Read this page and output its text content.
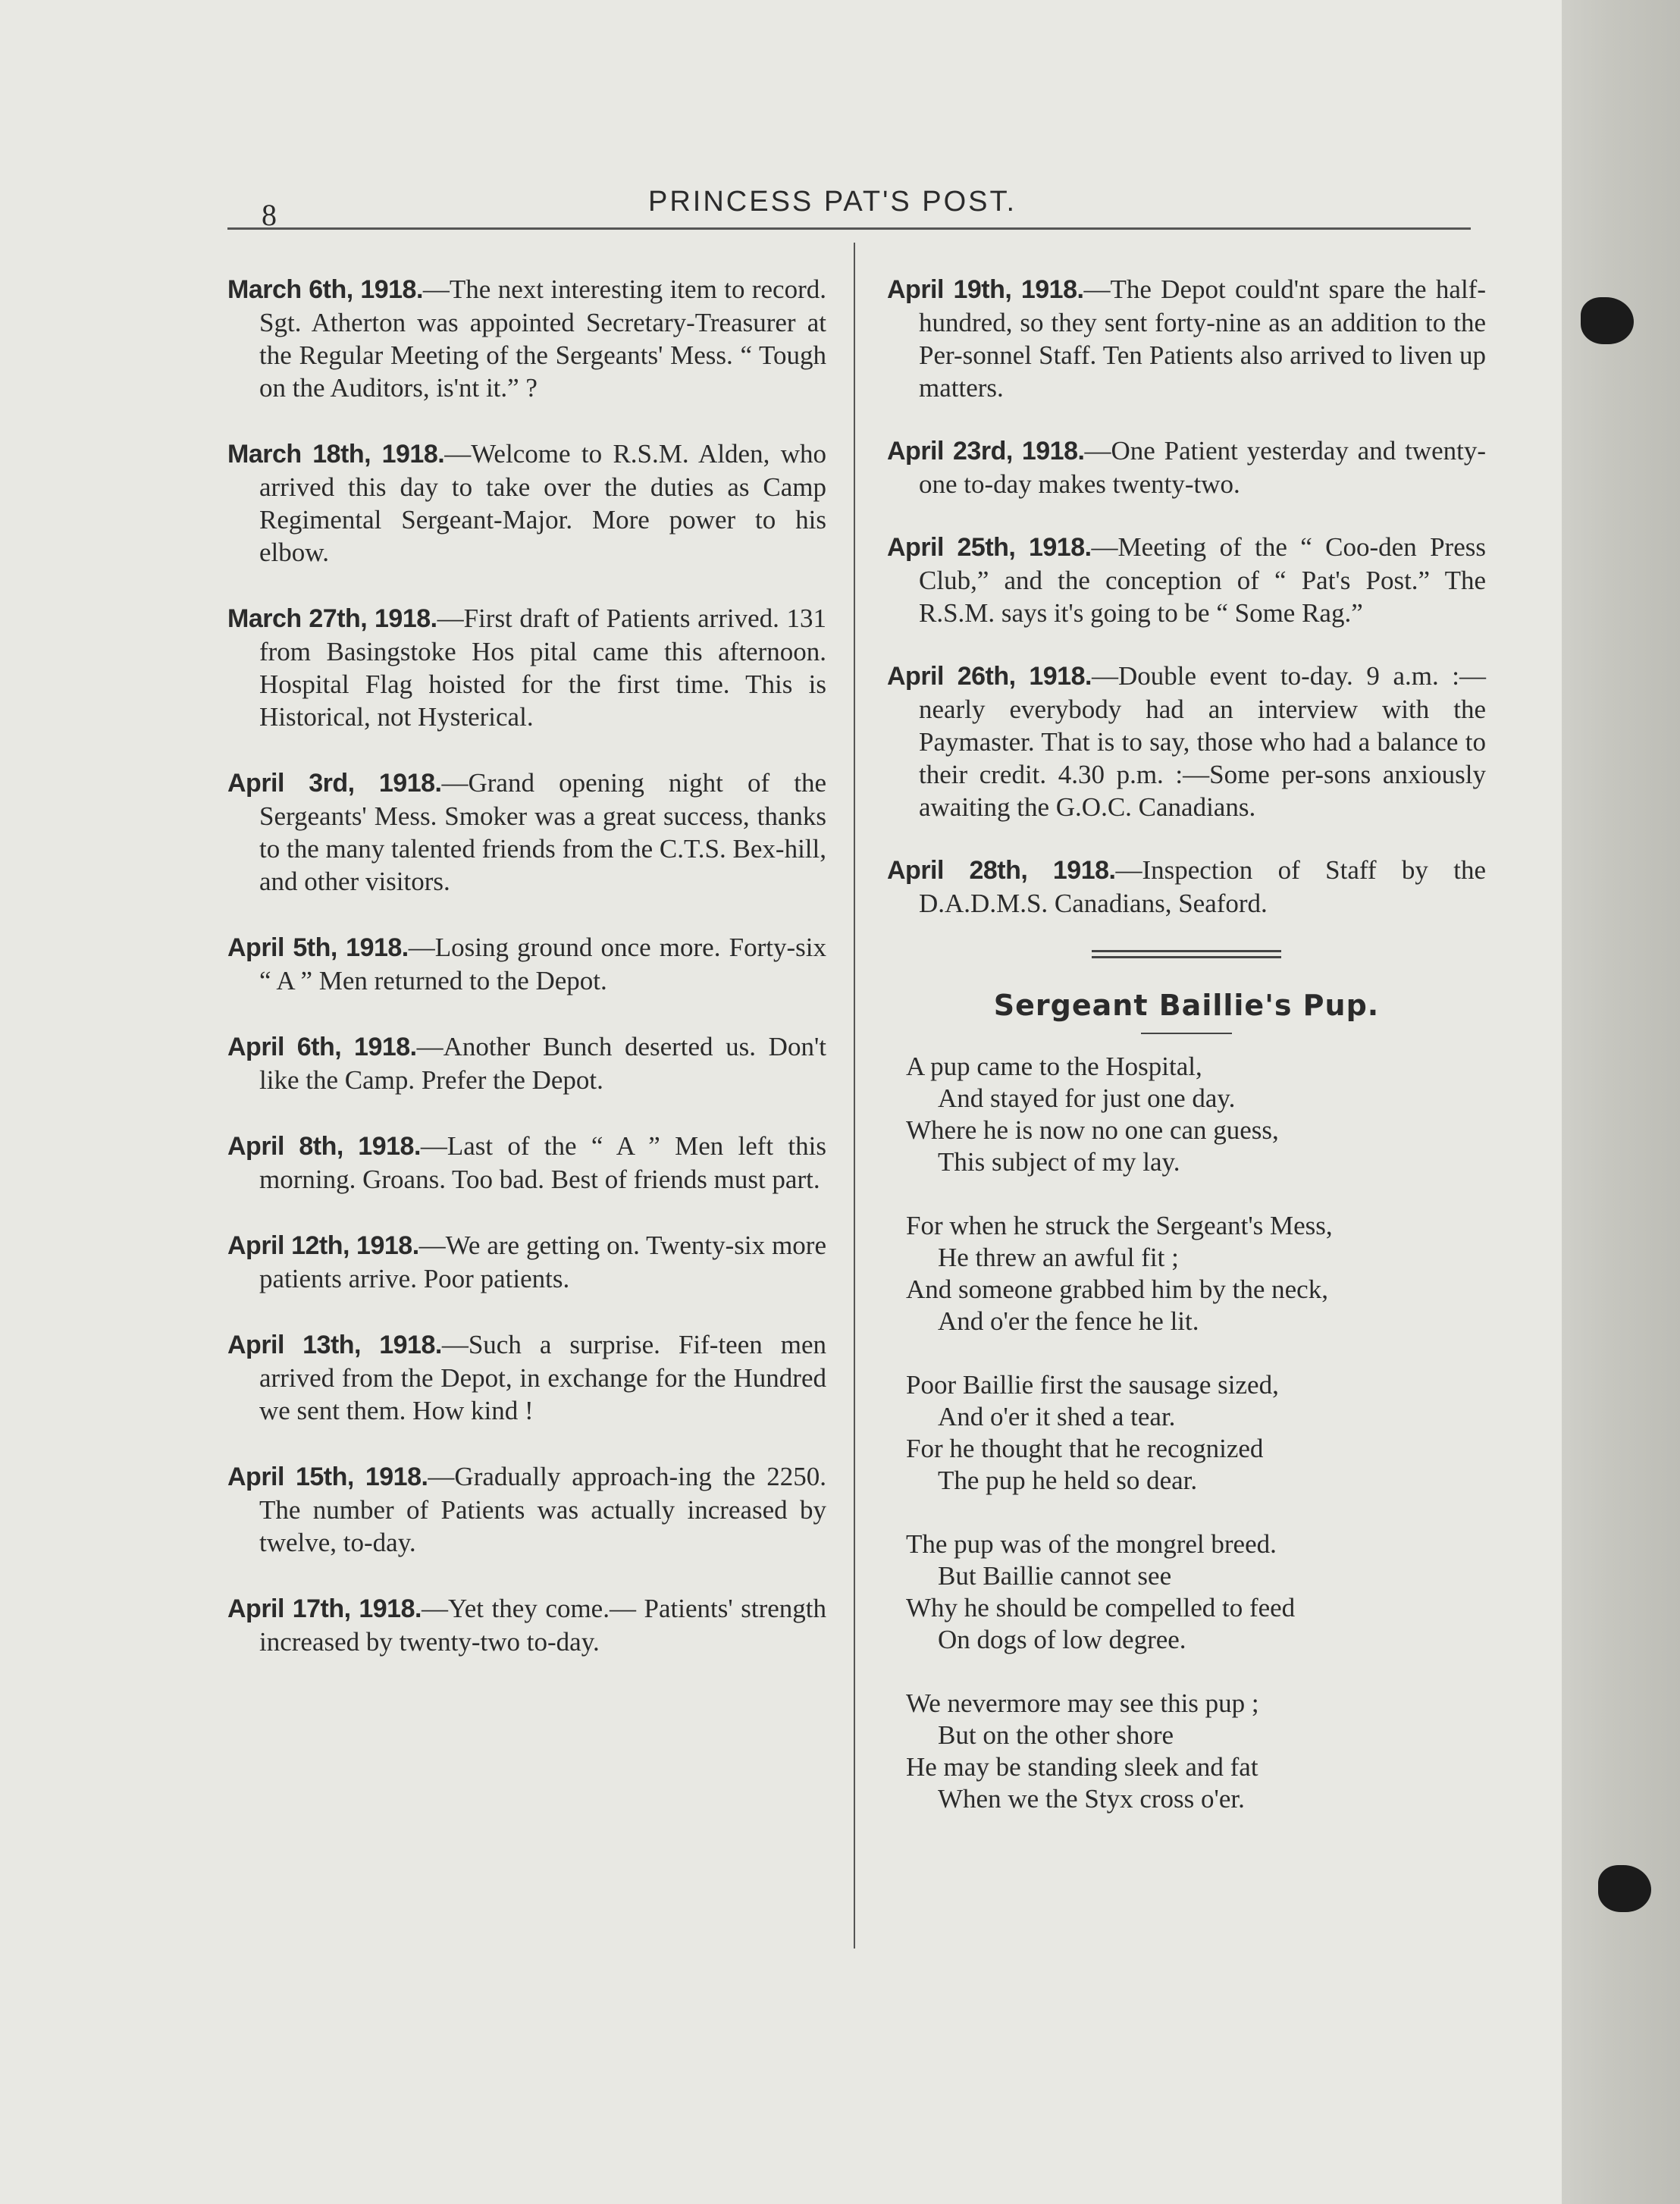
8	PRINCESS PAT'S POST.

March 6th, 1918.—The next interesting item to record. Sgt. Atherton was appointed Secretary-Treasurer at the Regular Meeting of the Sergeants' Mess. “ Tough on the Auditors, is'nt it.” ?

March 18th, 1918.—Welcome to R.S.M. Alden, who arrived this day to take over the duties as Camp Regimental Sergeant-Major. More power to his elbow.

March 27th, 1918.—First draft of Patients arrived. 131 from Basingstoke Hos pital came this afternoon. Hospital Flag hoisted for the first time. This is Historical, not Hysterical.

April 3rd, 1918.—Grand opening night of the Sergeants' Mess. Smoker was a great success, thanks to the many talented friends from the C.T.S. Bex-hill, and other visitors.

April 5th, 1918.—Losing ground once more. Forty-six “ A ” Men returned to the Depot.

April 6th, 1918.—Another Bunch deserted us. Don't like the Camp. Prefer the Depot.

April 8th, 1918.—Last of the “ A ” Men left this morning. Groans. Too bad. Best of friends must part.

April 12th, 1918.—We are getting on. Twenty-six more patients arrive. Poor patients.

April 13th, 1918.—Such a surprise. Fif-teen men arrived from the Depot, in exchange for the Hundred we sent them. How kind !

April 15th, 1918.—Gradually approach-ing the 2250. The number of Patients was actually increased by twelve, to-day.

April 17th, 1918.—Yet they come.— Patients' strength increased by twenty-two to-day.

April 19th, 1918.—The Depot could'nt spare the half-hundred, so they sent forty-nine as an addition to the Per-sonnel Staff. Ten Patients also arrived to liven up matters.

April 23rd, 1918.—One Patient yesterday and twenty-one to-day makes twenty-two.

April 25th, 1918.—Meeting of the “ Coo-den Press Club,” and the conception of “ Pat's Post.” The R.S.M. says it's going to be “ Some Rag.”

April 26th, 1918.—Double event to-day. 9 a.m. :—nearly everybody had an interview with the Paymaster. That is to say, those who had a balance to their credit. 4.30 p.m. :—Some per-sons anxiously awaiting the G.O.C. Canadians.

April 28th, 1918.—Inspection of Staff by the D.A.D.M.S. Canadians, Seaford.

Sergeant Baillie's Pup.
A pup came to the Hospital,
And stayed for just one day.
Where he is now no one can guess,
This subject of my lay.
For when he struck the Sergeant's Mess,
He threw an awful fit ;
And someone grabbed him by the neck,
And o'er the fence he lit.
Poor Baillie first the sausage sized,
And o'er it shed a tear.
For he thought that he recognized
The pup he held so dear.
The pup was of the mongrel breed.
But Baillie cannot see
Why he should be compelled to feed
On dogs of low degree.
We nevermore may see this pup ;
But on the other shore
He may be standing sleek and fat
When we the Styx cross o'er.
